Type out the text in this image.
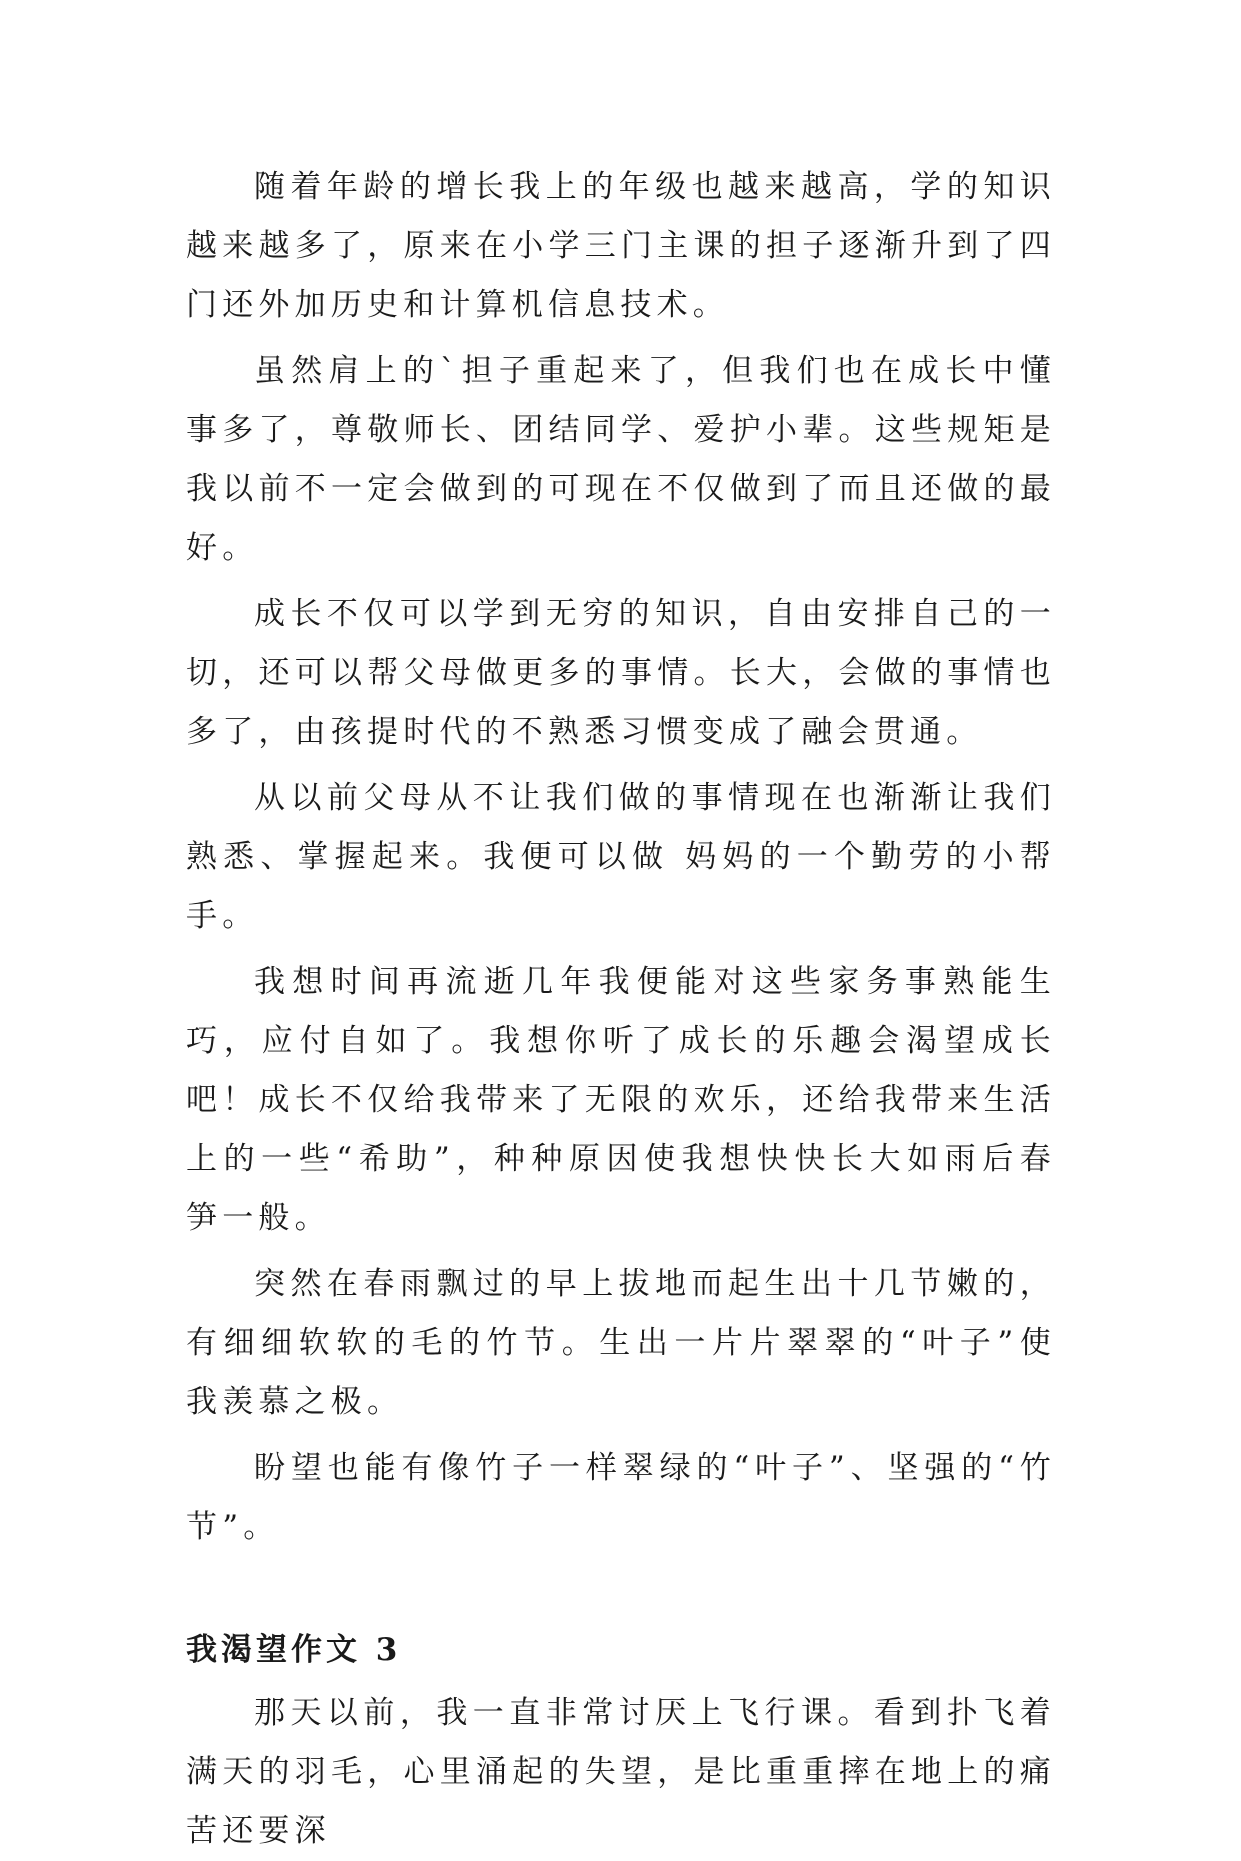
随着年龄的增长我上的年级也越来越高，学的知识越来越多了，原来在小学三门主课的担子逐渐升到了四门还外加历史和计算机信息技术。

虽然肩上的`担子重起来了，但我们也在成长中懂事多了，尊敬师长、团结同学、爱护小辈。这些规矩是我以前不一定会做到的可现在不仅做到了而且还做的最好。

成长不仅可以学到无穷的知识，自由安排自己的一切，还可以帮父母做更多的事情。长大，会做的事情也多了，由孩提时代的不熟悉习惯变成了融会贯通。

从以前父母从不让我们做的事情现在也渐渐让我们熟悉、掌握起来。我便可以做 妈妈的一个勤劳的小帮手。

我想时间再流逝几年我便能对这些家务事熟能生巧，应付自如了。我想你听了成长的乐趣会渴望成长吧！成长不仅给我带来了无限的欢乐，还给我带来生活上的一些“希助”，种种原因使我想快快长大如雨后春笋一般。

突然在春雨飘过的早上拔地而起生出十几节嫩的，有细细软软的毛的竹节。生出一片片翠翠的“叶子”使我羡慕之极。

盼望也能有像竹子一样翠绿的“叶子”、坚强的“竹节”。

我渴望作文 3

那天以前，我一直非常讨厌上飞行课。看到扑飞着满天的羽毛，心里涌起的失望，是比重重摔在地上的痛苦还要深
